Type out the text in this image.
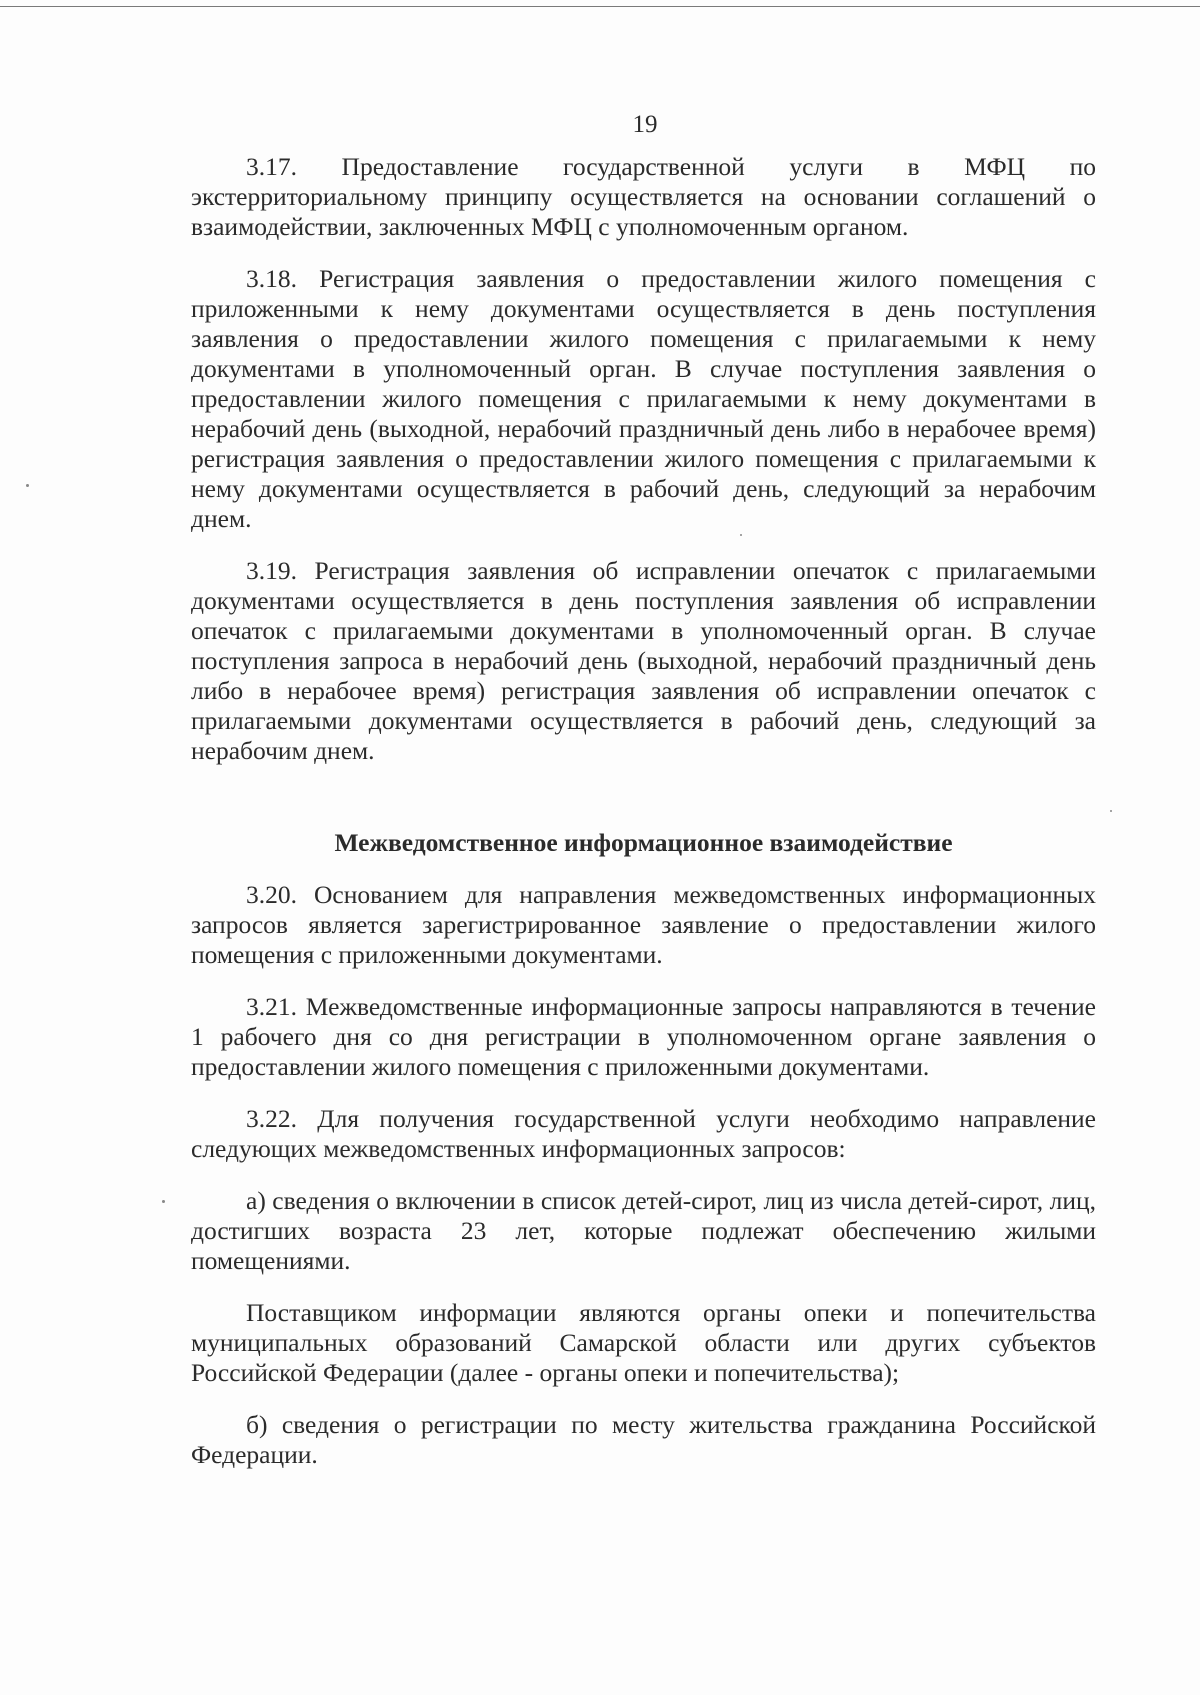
19

3.17. Предоставление государственной услуги в МФЦ по экстерриториальному принципу осуществляется на основании соглашений о взаимодействии, заключенных МФЦ с уполномоченным органом.

3.18. Регистрация заявления о предоставлении жилого помещения с приложенными к нему документами осуществляется в день поступления заявления о предоставлении жилого помещения с прилагаемыми к нему документами в уполномоченный орган. В случае поступления заявления о предоставлении жилого помещения с прилагаемыми к нему документами в нерабочий день (выходной, нерабочий праздничный день либо в нерабочее время) регистрация заявления о предоставлении жилого помещения с прилагаемыми к нему документами осуществляется в рабочий день, следующий за нерабочим днем.

3.19. Регистрация заявления об исправлении опечаток с прилагаемыми документами осуществляется в день поступления заявления об исправлении опечаток с прилагаемыми документами в уполномоченный орган. В случае поступления запроса в нерабочий день (выходной, нерабочий праздничный день либо в нерабочее время) регистрация заявления об исправлении опечаток с прилагаемыми документами осуществляется в рабочий день, следующий за нерабочим днем.

Межведомственное информационное взаимодействие

3.20. Основанием для направления межведомственных информационных запросов является зарегистрированное заявление о предоставлении жилого помещения с приложенными документами.

3.21. Межведомственные информационные запросы направляются в течение 1 рабочего дня со дня регистрации в уполномоченном органе заявления о предоставлении жилого помещения с приложенными документами.

3.22. Для получения государственной услуги необходимо направление следующих межведомственных информационных запросов:

а) сведения о включении в список детей-сирот, лиц из числа детей-сирот, лиц, достигших возраста 23 лет, которые подлежат обеспечению жилыми помещениями.

Поставщиком информации являются органы опеки и попечительства муниципальных образований Самарской области или других субъектов Российской Федерации (далее - органы опеки и попечительства);

б) сведения о регистрации по месту жительства гражданина Российской Федерации.
